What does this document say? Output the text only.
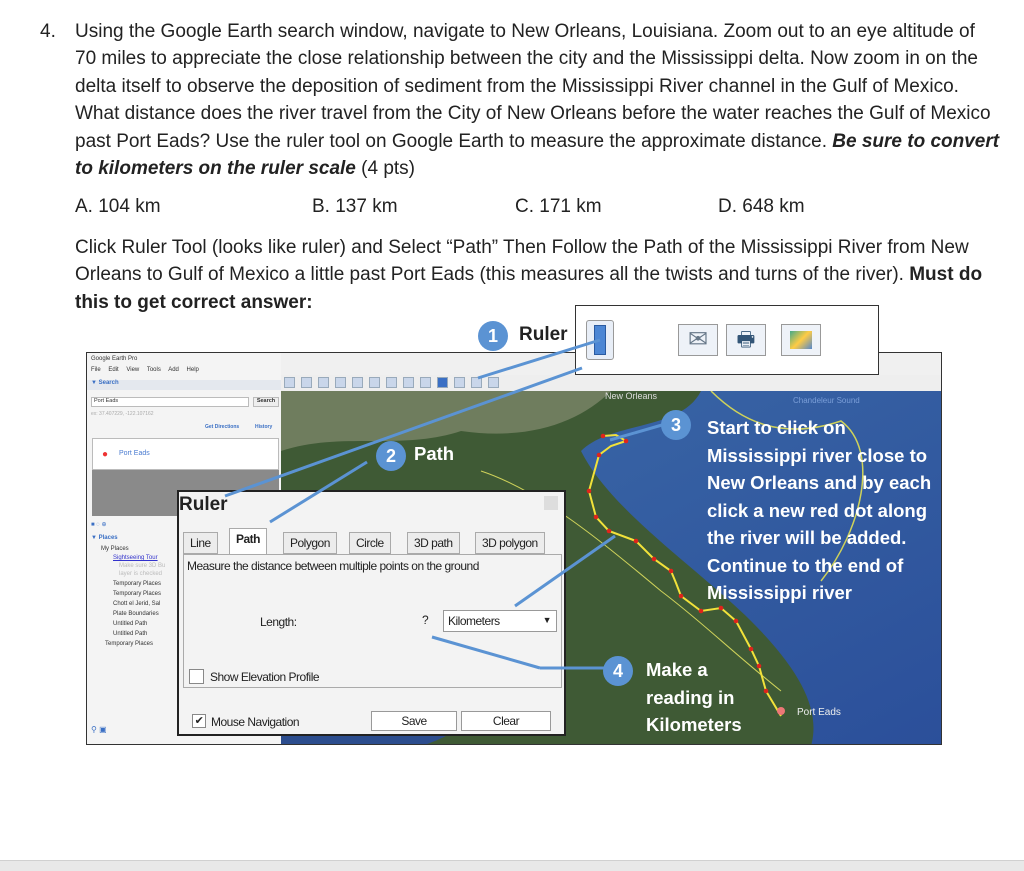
4. Using the Google Earth search window, navigate to New Orleans, Louisiana. Zoom out to an eye altitude of 70 miles to appreciate the close relationship between the city and the Mississippi delta. Now zoom in on the delta itself to observe the deposition of sediment from the Mississippi River channel in the Gulf of Mexico. What distance does the river travel from the City of New Orleans before the water reaches the Gulf of Mexico past Port Eads? Use the ruler tool on Google Earth to measure the approximate distance. Be sure to convert to kilometers on the ruler scale (4 pts)
A. 104 km	B. 137 km	C. 171 km	D. 648 km
Click Ruler Tool (looks like ruler) and Select “Path” Then Follow the Path of the Mississippi River from New Orleans to Gulf of Mexico a little past Port Eads (this measures all the twists and turns of the river). Must do this to get correct answer:
Google Earth Pro
File Edit View Tools Add Help
▼ Search
Port Eads	Search
ex: 37.407229, -122.107162
Get Directions	History
● Port Eads
■ ◌ ⊕
▼ Places
My Places
Sightseeing Tour
Make sure 3D Bu
layer is checked
Temporary Places
Temporary Places
Chott el Jerid, Sal
Plate Boundaries
Untitled Path
Untitled Path
Temporary Places
⚲ ▣
New Orleans	Chandeleur Sound
Port Eads
✉	🖶
Ruler
Line	Path	Polygon	Circle	3D path	3D polygon
Measure the distance between multiple points on the ground
Length:	?	Kilometers	▼
Show Elevation Profile
✔ Mouse Navigation	Save	Clear
1	Ruler
2 Path
3	Start to click on Mississippi river close to New Orleans and by each click a new red dot along the river will be added. Continue to the end of Mississippi river
4	Make a reading in Kilometers
